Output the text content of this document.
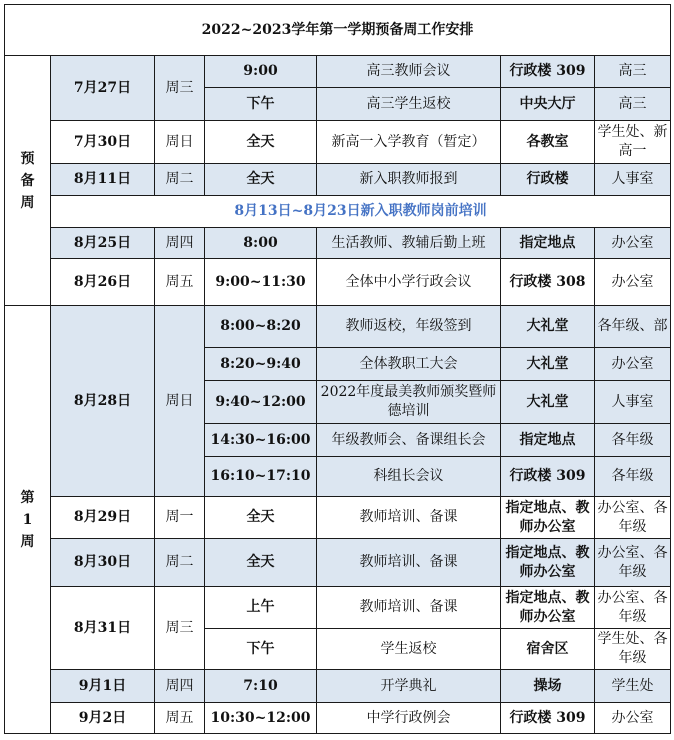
2022~2023学年第一学期预备周工作安排						
预
备
周	7月27日	周三	9:00	高三教师会议	行政楼 309	高三
			下午	高三学生返校	中央大厅	高三
	7月30日	周日	全天	新高一入学教育（暂定）	各教室	学生处、新高一
	8月11日	周二	全天	新入职教师报到	行政楼	人事室
	8月13日~8月23日新入职教师岗前培训					
	8月25日	周四	8:00	生活教师、教辅后勤上班	指定地点	办公室
	8月26日	周五	9:00~11:30	全体中小学行政会议	行政楼 308	办公室
第
1
周	8月28日	周日	8:00~8:20	教师返校，年级签到	大礼堂	各年级、部
			8:20~9:40	全体教职工大会	大礼堂	办公室
			9:40~12:00	2022年度最美教师颁奖暨师德培训	大礼堂	人事室
			14:30~16:00	年级教师会、备课组长会	指定地点	各年级
			16:10~17:10	科组长会议	行政楼 309	各年级
	8月29日	周一	全天	教师培训、备课	指定地点、教师办公室	办公室、各年级
	8月30日	周二	全天	教师培训、备课	指定地点、教师办公室	办公室、各年级
	8月31日	周三	上午	教师培训、备课	指定地点、教师办公室	办公室、各年级
			下午	学生返校	宿舍区	学生处、各年级
	9月1日	周四	7:10	开学典礼	操场	学生处
	9月2日	周五	10:30~12:00	中学行政例会	行政楼 309	办公室
